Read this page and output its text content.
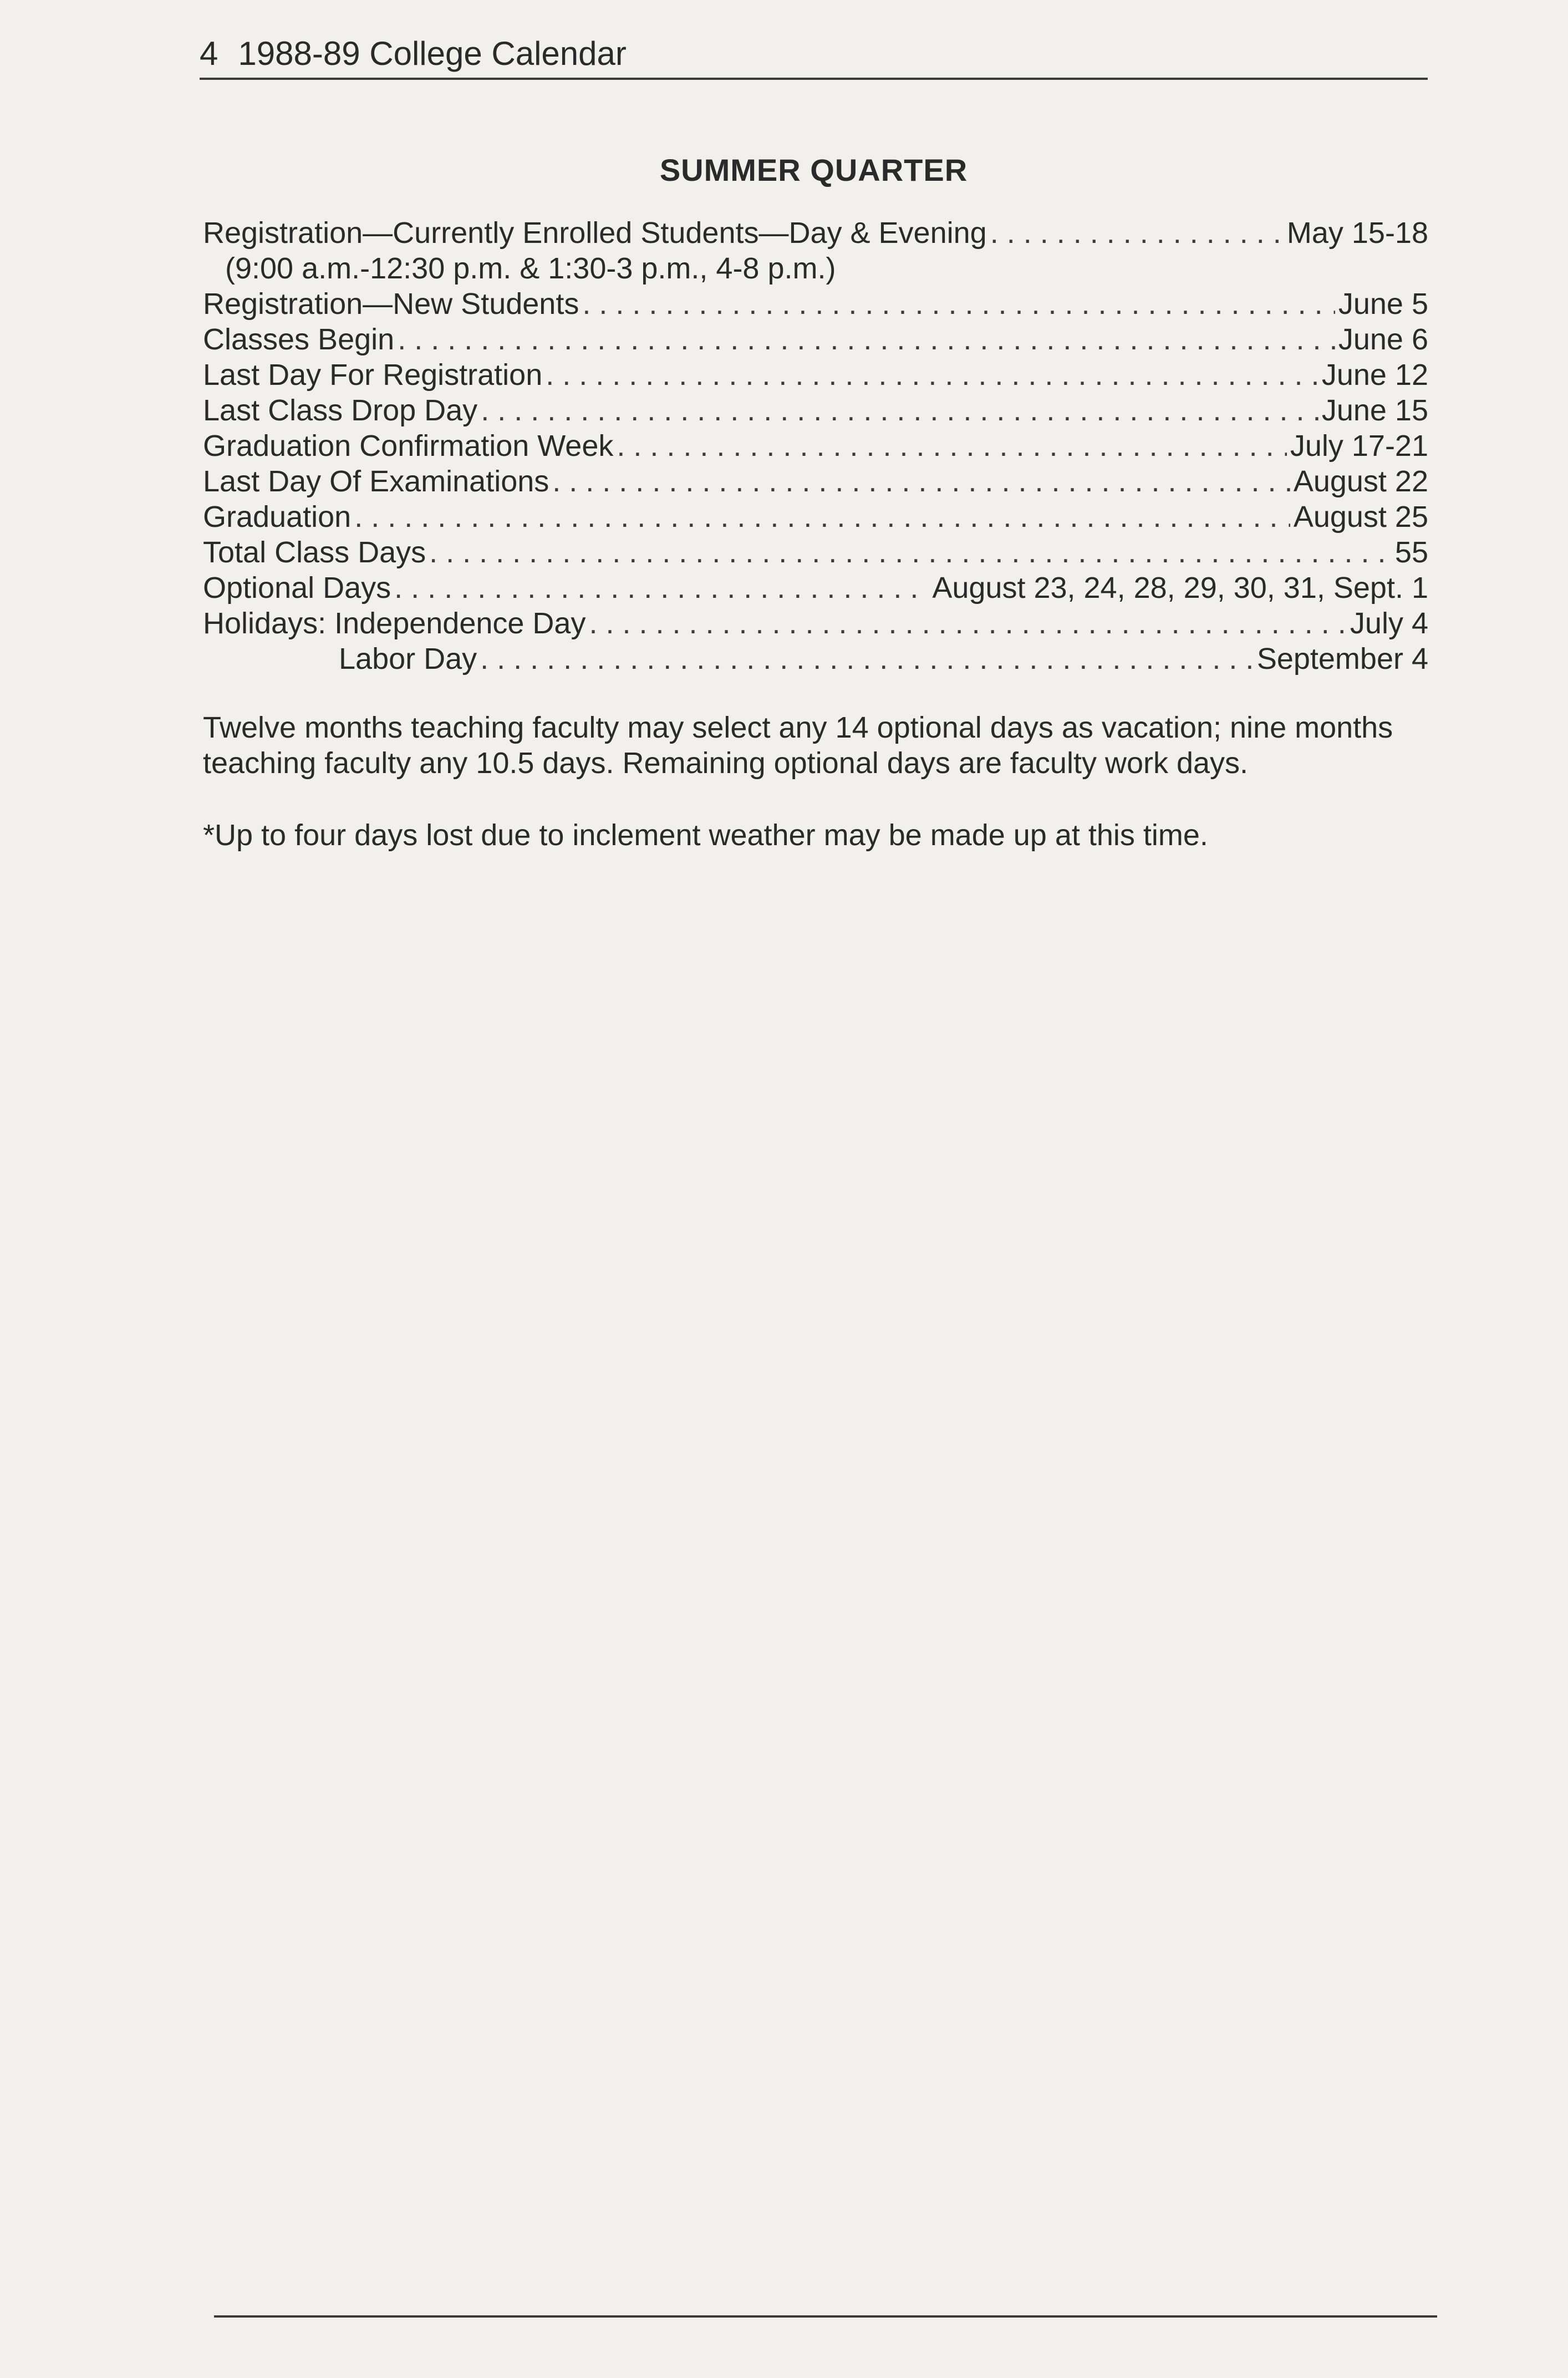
4 1988-89 College Calendar
SUMMER QUARTER
Registration—Currently Enrolled Students—Day & Evening . . .	May 15-18
(9:00 a.m.-12:30 p.m. & 1:30-3 p.m., 4-8 p.m.)
Registration—New Students . . .	June 5
Classes Begin . . .	June 6
Last Day For Registration . . .	June 12
Last Class Drop Day . . .	June 15
Graduation Confirmation Week . . .	July 17-21
Last Day Of Examinations . . .	August 22
Graduation . . .	August 25
Total Class Days . . .	55
Optional Days . . .	August 23, 24, 28, 29, 30, 31, Sept. 1
Holidays: Independence Day . . .	July 4
Labor Day . . .	September 4
Twelve months teaching faculty may select any 14 optional days as vacation; nine months teaching faculty any 10.5 days. Remaining optional days are faculty work days.
*Up to four days lost due to inclement weather may be made up at this time.
